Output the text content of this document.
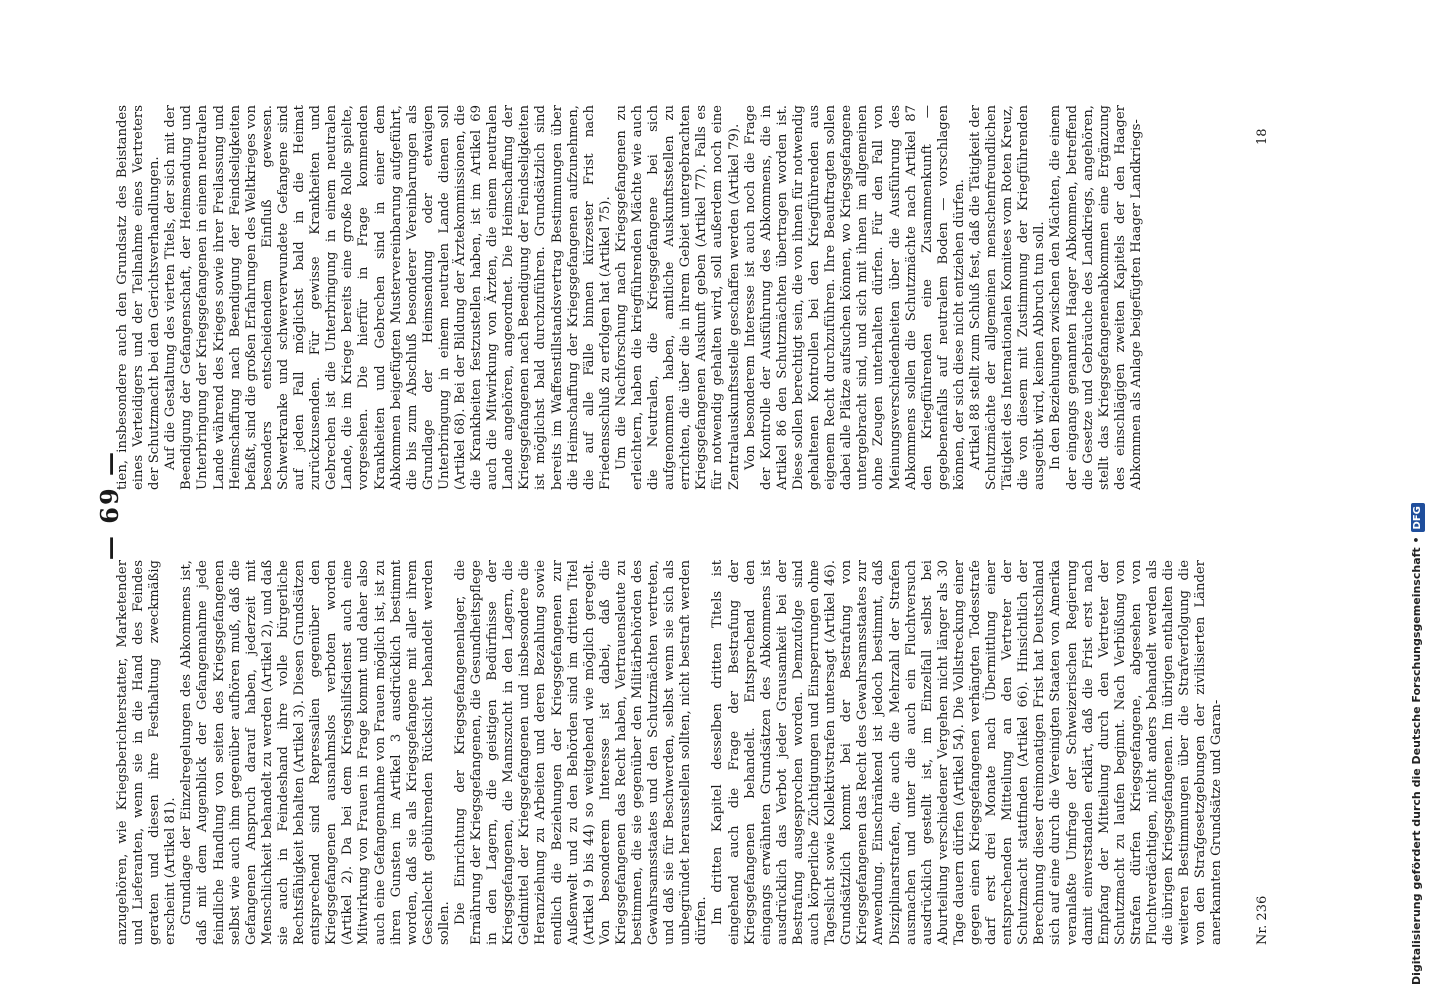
— 69 —

anzugehören, wie Kriegsberichterstatter, Marketender und Lieferanten, wenn sie in die Hand des Feindes geraten und diesen ihre Festhaltung zweckmäßig erscheint (Artikel 81). Grundlage der Einzelregelungen des Abkommens ist, daß mit dem Augenblick der Gefangennahme jede feindliche Handlung von seiten des Kriegsgefangenen selbst wie auch ihm gegenüber aufhören muß, daß die Gefangenen Anspruch darauf haben, jederzeit mit Menschlichkeit behandelt zu werden (Artikel 2), und daß sie auch in Feindeshand ihre volle bürgerliche Rechtsfähigkeit behalten (Artikel 3). Diesen Grundsätzen entsprechend sind Repressalien gegenüber den Kriegsgefangenen ausnahmslos verboten worden (Artikel 2). Da bei dem Kriegshilfsdienst auch eine Mitwirkung von Frauen in Frage kommt und daher also auch eine Gefangennahme von Frauen möglich ist, ist zu ihren Gunsten im Artikel 3 ausdrücklich bestimmt worden, daß sie als Kriegsgefangene mit aller ihrem Geschlecht gebührenden Rücksicht behandelt werden sollen. Die Einrichtung der Kriegsgefangenenlager, die Ernährung der Kriegsgefangenen, die Gesundheitspflege in den Lagern, die geistigen Bedürfnisse der Kriegsgefangenen, die Mannszucht in den Lagern, die Geldmittel der Kriegsgefangenen und insbesondere die Heranziehung zu Arbeiten und deren Bezahlung sowie endlich die Beziehungen der Kriegsgefangenen zur Außenwelt und zu den Behörden sind im dritten Titel (Artikel 9 bis 44) so weitgehend wie möglich geregelt. Von besonderem Interesse ist dabei, daß die Kriegsgefangenen das Recht haben, Vertrauensleute zu bestimmen, die sie gegenüber den Militärbehörden des Gewahrsamsstaates und den Schutzmächten vertreten, und daß sie für Beschwerden, selbst wenn sie sich als unbegründet herausstellen sollten, nicht bestraft werden dürfen. Im dritten Kapitel desselben dritten Titels ist eingehend auch die Frage der Bestrafung der Kriegsgefangenen behandelt. Entsprechend den eingangs erwähnten Grundsätzen des Abkommens ist ausdrücklich das Verbot jeder Grausamkeit bei der Bestrafung ausgesprochen worden. Demzufolge sind auch körperliche Züchtigungen und Einsperrungen ohne Tageslicht sowie Kollektivstrafen untersagt (Artikel 46). Grundsätzlich kommt bei der Bestrafung von Kriegsgefangenen das Recht des Gewahrsamsstaates zur Anwendung. Einschränkend ist jedoch bestimmt, daß Disziplinarstrafen, die auch die Mehrzahl der Strafen ausmachen und unter die auch ein Fluchtversuch ausdrücklich gestellt ist, im Einzelfall selbst bei Aburteilung verschiedener Vergehen nicht länger als 30 Tage dauern dürfen (Artikel 54). Die Vollstreckung einer gegen einen Kriegsgefangenen verhängten Todesstrafe darf erst drei Monate nach Übermittlung einer entsprechenden Mitteilung an den Vertreter der Schutzmacht stattfinden (Artikel 66). Hinsichtlich der Berechnung dieser dreimonatigen Frist hat Deutschland sich auf eine durch die Vereinigten Staaten von Amerika veranlaßte Umfrage der Schweizerischen Regierung damit einverstanden erklärt, daß die Frist erst nach Empfang der Mitteilung durch den Vertreter der Schutzmacht zu laufen beginnt. Nach Verbüßung von Strafen dürfen Kriegsgefangene, abgesehen von Fluchtverdächtigen, nicht anders behandelt werden als die übrigen Kriegsgefangenen. Im übrigen enthalten die weiteren Bestimmungen über die Strafverfolgung die von den Strafgesetzgebungen der zivilisierten Länder anerkannten Grundsätze und Garan-

tien, insbesondere auch den Grundsatz des Beistandes eines Verteidigers und der Teilnahme eines Vertreters der Schutzmacht bei den Gerichtsverhandlungen. Auf die Gestaltung des vierten Titels, der sich mit der Beendigung der Gefangenschaft, der Heimsendung und Unterbringung der Kriegsgefangenen in einem neutralen Lande während des Krieges sowie ihrer Freilassung und Heimschaffung nach Beendigung der Feindseligkeiten befaßt, sind die großen Erfahrungen des Weltkrieges von besonders entscheidendem Einfluß gewesen. Schwerkranke und schwerverwundete Gefangene sind auf jeden Fall möglichst bald in die Heimat zurückzusenden. Für gewisse Krankheiten und Gebrechen ist die Unterbringung in einem neutralen Lande, die im Kriege bereits eine große Rolle spielte, vorgesehen. Die hierfür in Frage kommenden Krankheiten und Gebrechen sind in einer dem Abkommen beigefügten Mustervereinbarung aufgeführt, die bis zum Abschluß besonderer Vereinbarungen als Grundlage der Heimsendung oder etwaigen Unterbringung in einem neutralen Lande dienen soll (Artikel 68). Bei der Bildung der Ärztekommissionen, die die Krankheiten festzustellen haben, ist im Artikel 69 auch die Mitwirkung von Ärzten, die einem neutralen Lande angehören, angeordnet. Die Heimschaffung der Kriegsgefangenen nach Beendigung der Feindseligkeiten ist möglichst bald durchzuführen. Grundsätzlich sind bereits im Waffenstillstandsvertrag Bestimmungen über die Heimschaffung der Kriegsgefangenen aufzunehmen, die auf alle Fälle binnen kürzester Frist nach Friedensschluß zu erfolgen hat (Artikel 75). Um die Nachforschung nach Kriegsgefangenen zu erleichtern, haben die kriegführenden Mächte wie auch die Neutralen, die Kriegsgefangene bei sich aufgenommen haben, amtliche Auskunftsstellen zu errichten, die über die in ihrem Gebiet untergebrachten Kriegsgefangenen Auskunft geben (Artikel 77). Falls es für notwendig gehalten wird, soll außerdem noch eine Zentralauskunftsstelle geschaffen werden (Artikel 79). Von besonderem Interesse ist auch noch die Frage der Kontrolle der Ausführung des Abkommens, die in Artikel 86 den Schutzmächten übertragen worden ist. Diese sollen berechtigt sein, die von ihnen für notwendig gehaltenen Kontrollen bei den Kriegführenden aus eigenem Recht durchzuführen. Ihre Beauftragten sollen dabei alle Plätze aufsuchen können, wo Kriegsgefangene untergebracht sind, und sich mit ihnen im allgemeinen ohne Zeugen unterhalten dürfen. Für den Fall von Meinungsverschiedenheiten über die Ausführung des Abkommens sollen die Schutzmächte nach Artikel 87 den Kriegführenden eine Zusammenkunft — gegebenenfalls auf neutralem Boden — vorschlagen können, der sich diese nicht entziehen dürfen. Artikel 88 stellt zum Schluß fest, daß die Tätigkeit der Schutzmächte der allgemeinen menschenfreundlichen Tätigkeit des Internationalen Komitees vom Roten Kreuz, die von diesem mit Zustimmung der Kriegführenden ausgeübt wird, keinen Abbruch tun soll. In den Beziehungen zwischen den Mächten, die einem der eingangs genannten Haager Abkommen, betreffend die Gesetze und Gebräuche des Landkriegs, angehören, stellt das Kriegsgefangenenabkommen eine Ergänzung des einschlägigen zweiten Kapitels der den Haager Abkommen als Anlage beigefügten Haager Landkriegs-

Nr. 236
18
Digitalisierung gefördert durch die Deutsche Forschungsgemeinschaft •DFG
